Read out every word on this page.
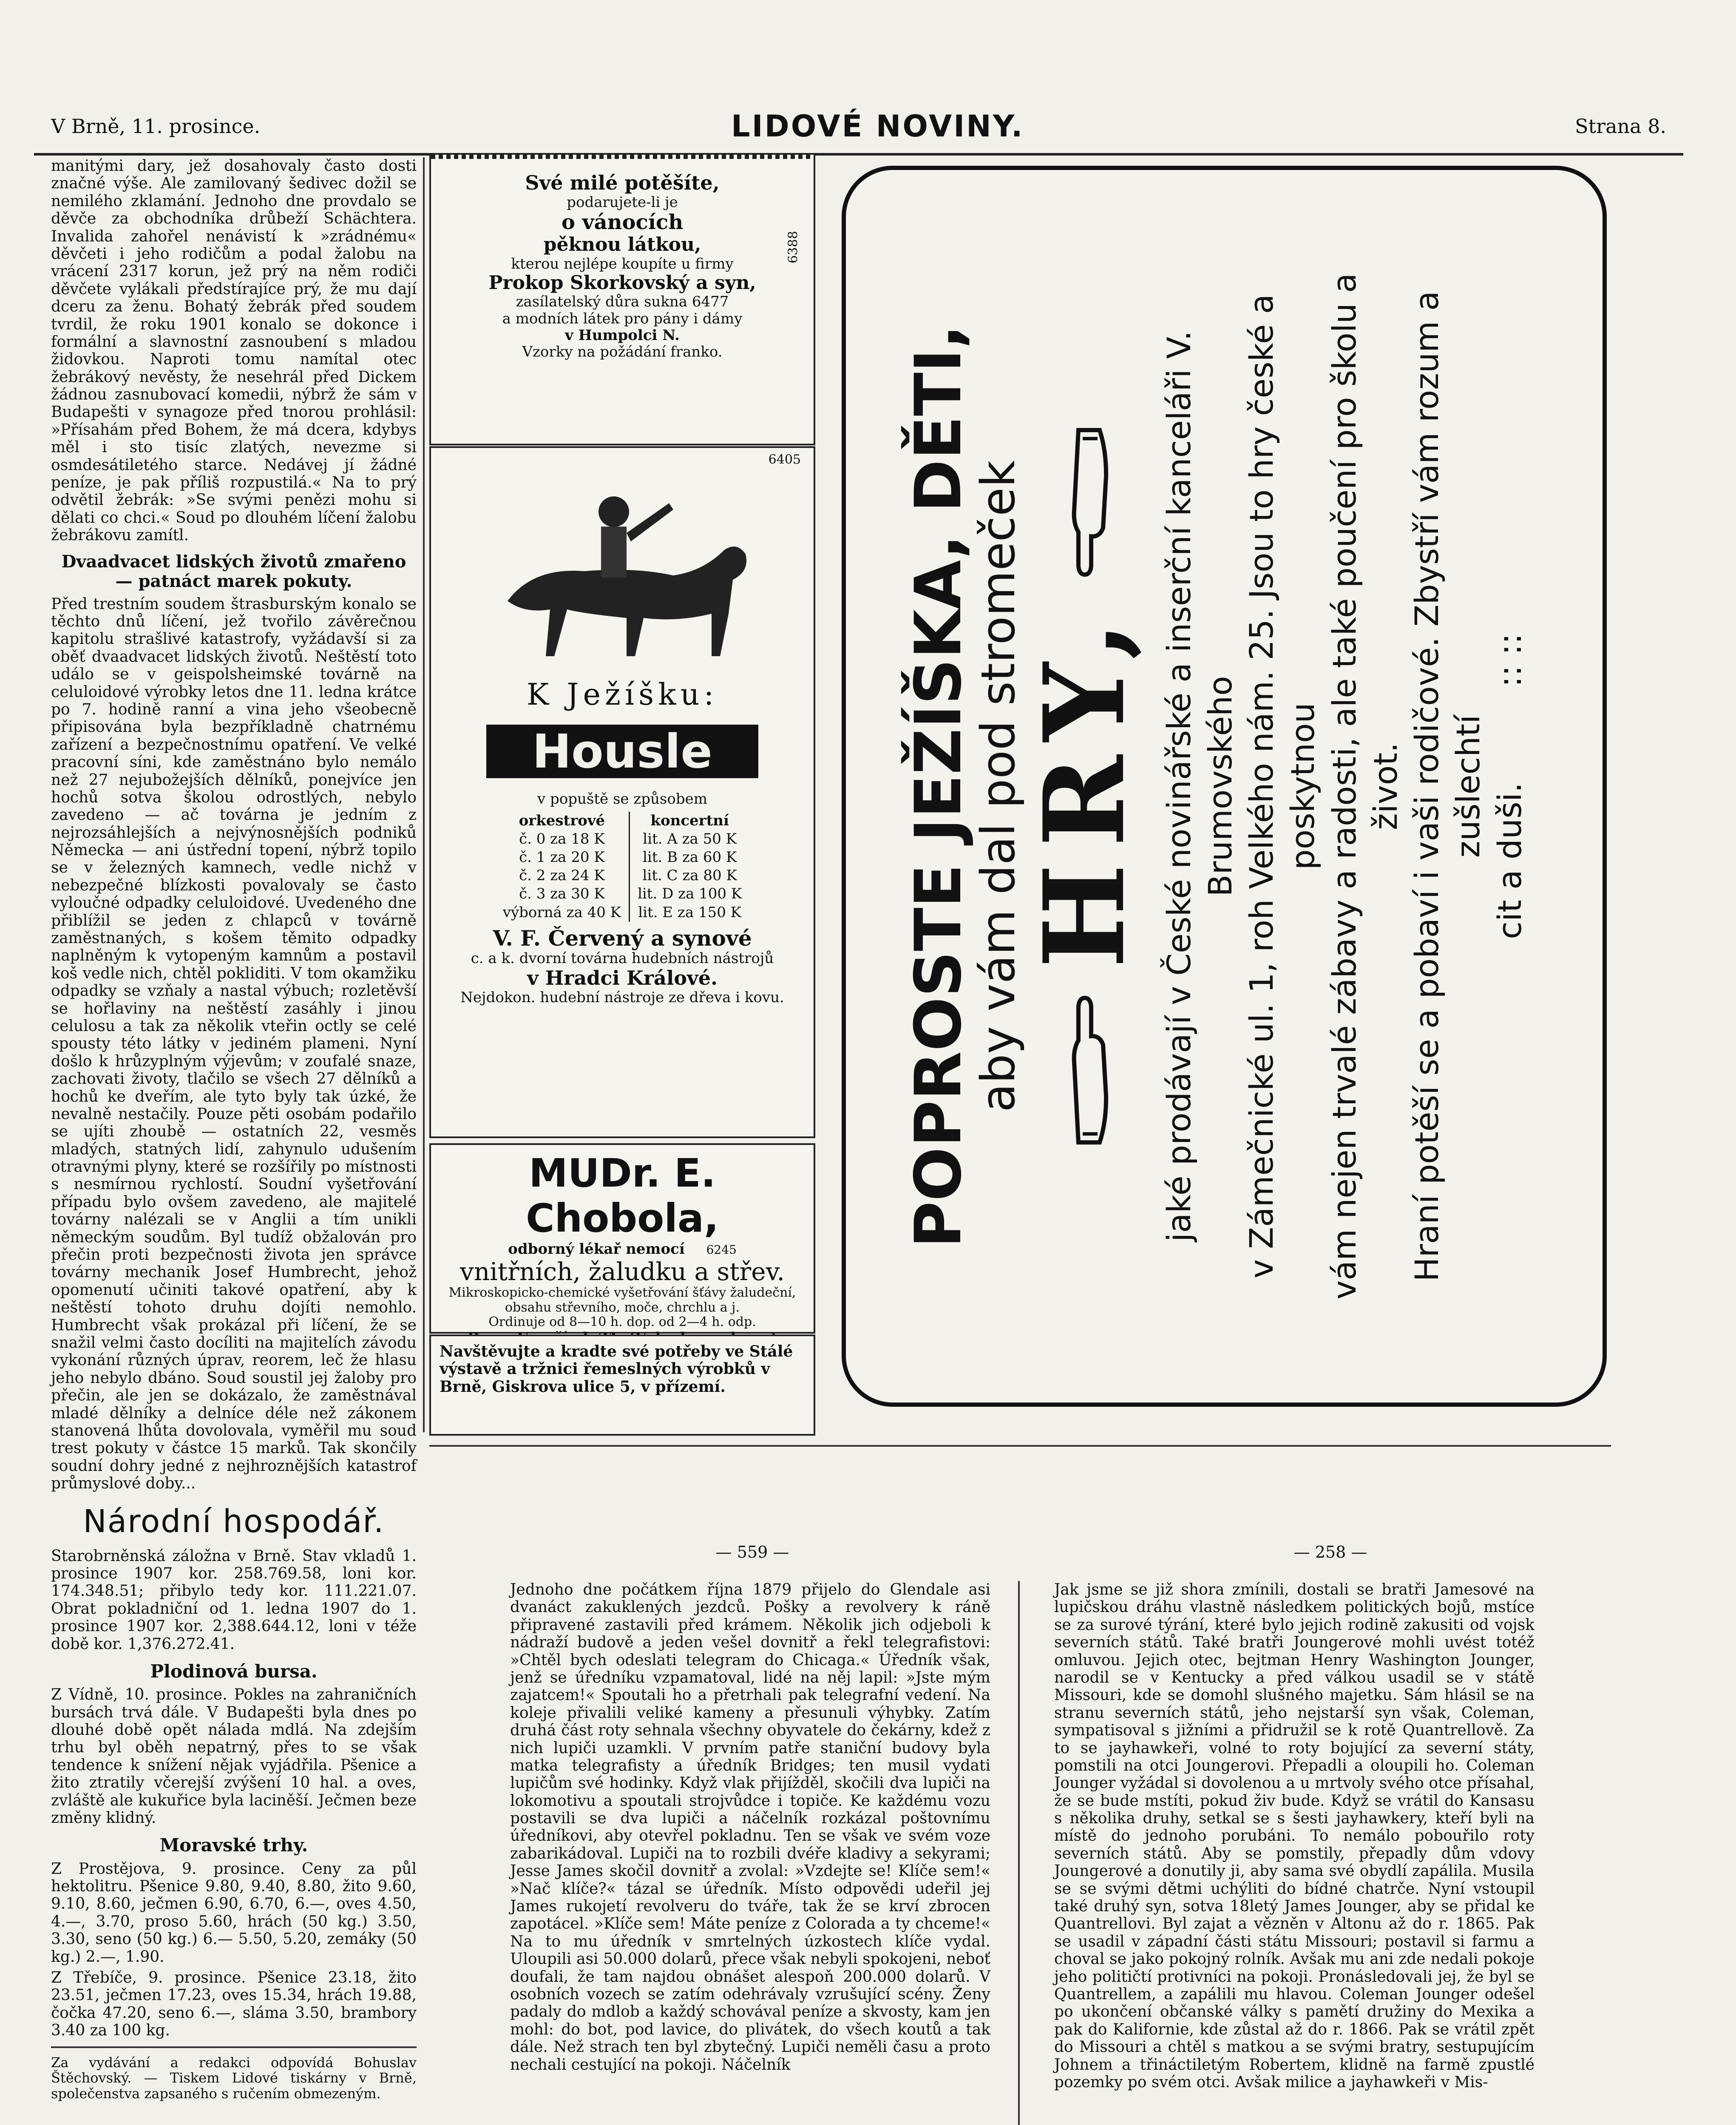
V Brně, 11. prosince.	LIDOVÉ NOVINY.	Strana 8.

manitými dary, jež dosahovaly často dosti značné výše. Ale zamilovaný šedivec dožil se nemilého zklamání. Jednoho dne provdalo se děvče za obchodníka drůbeží Schächtera. Invalida zahořel nenávistí k »zrádnému« děvčeti i jeho rodičům a podal žalobu na vrácení 2317 korun, jež prý na něm rodiči děvčete vylákali předstírajíce prý, že mu dají dceru za ženu. Bohatý žebrák před soudem tvrdil, že roku 1901 konalo se dokonce i formální a slavnostní zasnoubení s mladou židovkou. Naproti tomu namítal otec žebrákový nevěsty, že nesehrál před Dickem žádnou zasnubovací komedii, nýbrž že sám v Budapešti v synagoze před tnorou prohlásil: »Přísahám před Bohem, že má dcera, kdybys měl i sto tisíc zlatých, nevezme si osmdesátiletého starce. Nedávej jí žádné peníze, je pak příliš rozpustilá.« Na to prý odvětil žebrák: »Se svými penězi mohu si dělati co chci.« Soud po dlouhém líčení žalobu žebrákovu zamítl.

Dvaadvacet lidských životů zmařeno — patnáct marek pokuty.

Před trestním soudem štrasburským konalo se těchto dnů líčení, jež tvořilo závěrečnou kapitolu strašlivé katastrofy, vyžádavší si za oběť dvaadvacet lidských životů. Neštěstí toto událo se v geispolsheimské továrně na celuloidové výrobky letos dne 11. ledna krátce po 7. hodině ranní a vina jeho všeobecně připisována byla bezpříkladně chatrnému zařízení a bezpečnostnímu opatření. Ve velké pracovní síni, kde zaměstnáno bylo nemálo než 27 nejubožejších dělníků, ponejvíce jen hochů sotva školou odrostlých, nebylo zavedeno — ač továrna je jedním z nejrozsáhlejších a nejvýnosnějších podniků Německa — ani ústřední topení, nýbrž topilo se v železných kamnech, vedle nichž v nebezpečné blízkosti povalovaly se často vyloučné odpadky celuloidové. Uvedeného dne přiblížil se jeden z chlapců v továrně zaměstnaných, s košem těmito odpadky naplněným k vytopeným kamnům a postavil koš vedle nich, chtěl pokliditi. V tom okamžiku odpadky se vzňaly a nastal výbuch; rozletěvší se hořlaviny na neštěstí zasáhly i jinou celulosu a tak za několik vteřin octly se celé spousty této látky v jediném plameni. Nyní došlo k hrůzyplným výjevům; v zoufalé snaze, zachovati životy, tlačilo se všech 27 dělníků a hochů ke dveřím, ale tyto byly tak úzké, že nevalně nestačily. Pouze pěti osobám podařilo se ujíti zhoubě — ostatních 22, vesměs mladých, statných lidí, zahynulo udušením otravnými plyny, které se rozšířily po místnosti s nesmírnou rychlostí. Soudní vyšetřování případu bylo ovšem zavedeno, ale majitelé továrny nalézali se v Anglii a tím unikli německým soudům. Byl tudíž obžalován pro přečin proti bezpečnosti života jen správce továrny mechanik Josef Humbrecht, jehož opomenutí učiniti takové opatření, aby k neštěstí tohoto druhu dojíti nemohlo. Humbrecht však prokázal při líčení, že se snažil velmi často docíliti na majitelích závodu vykonání různých úprav, reorem, leč že hlasu jeho nebylo dbáno. Soud soustil jej žaloby pro přečin, ale jen se dokázalo, že zaměstnával mladé dělníky a delníce déle než zákonem stanovená lhůta dovolovala, vyměřil mu soud trest pokuty v částce 15 marků. Tak skončily soudní dohry jedné z nejhroznějších katastrof průmyslové doby...

Národní hospodář.

Starobrněnská záložna v Brně. Stav vkladů 1. prosince 1907 kor. 258.769.58, loni kor. 174.348.51; přibylo tedy kor. 111.221.07. Obrat pokladniční od 1. ledna 1907 do 1. prosince 1907 kor. 2,388.644.12, loni v téže době kor. 1,376.272.41.

Plodinová bursa.

Z Vídně, 10. prosince. Pokles na zahraničních bursách trvá dále. V Budapešti byla dnes po dlouhé době opět nálada mdlá. Na zdejším trhu byl oběh nepatrný, přes to se však tendence k snížení nějak vyjádřila. Pšenice a žito ztratily včerejší zvýšení 10 hal. a oves, zvláště ale kukuřice byla laciněší. Ječmen beze změny klidný.

Moravské trhy.

Z Prostějova, 9. prosince. Ceny za půl hektolitru. Pšenice 9.80, 9.40, 8.80, žito 9.60, 9.10, 8.60, ječmen 6.90, 6.70, 6.—, oves 4.50, 4.—, 3.70, proso 5.60, hrách (50 kg.) 3.50, 3.30, seno (50 kg.) 6.— 5.50, 5.20, zemáky (50 kg.) 2.—, 1.90.

Z Třebíče, 9. prosince. Pšenice 23.18, žito 23.51, ječmen 17.23, oves 15.34, hrách 19.88, čočka 47.20, seno 6.—, sláma 3.50, brambory 3.40 za 100 kg.

Za vydávání a redakci odpovídá Bohuslav Štěchovský. — Tiskem Lidové tiskárny v Brně, společenstva zapsaného s ručením obmezeným.

Své milé potěšíte,
podarujete-li je
o vánocích
pěknou látkou,
kterou nejlépe koupíte u firmy
Prokop Skorkovský a syn,
zasílatelský důra sukna 6477
a modních látek pro pány i dámy
v Humpolci N.
Vzorky na požádání franko.
6388
6405
K Ježíšku:
Housle
v popuště se způsobem
orkestrové	koncertní
č. 0 za 18 K	lit. A za 50 K
č. 1 za 20 K	lit. B za 60 K
č. 2 za 24 K	lit. C za 80 K
č. 3 za 30 K	lit. D za 100 K
výborná za 40 K	lit. E za 150 K
V. F. Červený a synové
c. a k. dvorní továrna hudebních nástrojů
v Hradci Králové.
Nejdokon. hudební nástroje ze dřeva i kovu.
MUDr. E. Chobola,
odborný lékař nemocí 6245
vnitřních, žaludku a střev.
Mikroskopicko-chemické vyšetřování šťávy žaludeční, obsahu střevního, moče, chrchlu a j.
Ordinuje od 8—10 h. dop. od 2—4 h. odp.
Navštěvujte a kradte své potřeby ve Stálé výstavě a tržnici řemeslných výrobků v Brně, Giskrova ulice 5, v přízemí.
POPROSTE JEŽÍŠKA, DĚTI,
aby vám dal pod stromeček
HRY, jaké prodávají v České novinářské a inserční kanceláři V. Brumovského v Zámečnické ul. 1, roh Velkého nám. 25. Jsou to hry české a poskytnou vám nejen trvalé zábavy a radosti, ale také poučení pro školu a život. Hraní potěší se a pobaví i vaši rodičové. Zbystří vám rozum a zušlechtí cit a duši. :: ::
— 559 —	— 258 —

Jednoho dne počátkem října 1879 přijelo do Glendale asi dvanáct zakuklených jezdců. Pošky a revolvery k ráně připravené zastavili před krámem. Několik jich odjeboli k nádraží budově a jeden vešel dovnitř a řekl telegrafistovi: »Chtěl bych odeslati telegram do Chicaga.« Úředník však, jenž se úředníku vzpamatoval, lidé na něj lapil: »Jste mým zajatcem!« Spoutali ho a přetrhali pak telegrafní vedení. Na koleje přivalili veliké kameny a přesunuli výhybky. Zatím druhá část roty sehnala všechny obyvatele do čekárny, kdež z nich lupiči uzamkli. V prvním patře staniční budovy byla matka telegrafisty a úředník Bridges; ten musil vydati lupičům své hodinky. Když vlak přijížděl, skočili dva lupiči na lokomotivu a spoutali strojvůdce i topiče. Ke každému vozu postavili se dva lupiči a náčelník rozkázal poštovnímu úředníkovi, aby otevřel pokladnu. Ten se však ve svém voze zabarikádoval. Lupiči na to rozbili dvéře kladivy a sekyrami; Jesse James skočil dovnitř a zvolal: »Vzdejte se! Klíče sem!« »Nač klíče?« tázal se úředník. Místo odpovědi udeřil jej James rukojetí revolveru do tváře, tak že se krví zbrocen zapotácel. »Klíče sem! Máte peníze z Colorada a ty chceme!« Na to mu úředník v smrtelných úzkostech klíče vydal. Uloupili asi 50.000 dolarů, přece však nebyli spokojeni, neboť doufali, že tam najdou obnášet alespoň 200.000 dolarů. V osobních vozech se zatím odehrávaly vzrušující scény. Ženy padaly do mdlob a každý schovával peníze a skvosty, kam jen mohl: do bot, pod lavice, do plivátek, do všech koutů a tak dále. Než strach ten byl zbytečný. Lupiči neměli času a proto nechali cestující na pokoji. Náčelník

Jak jsme se již shora zmínili, dostali se bratři Jamesové na lupičskou dráhu vlastně následkem politických bojů, mstíce se za surové týrání, které bylo jejich rodině zakusiti od vojsk severních států. Také bratři Joungerové mohli uvést totéž omluvou. Jejich otec, bejtman Henry Washington Jounger, narodil se v Kentucky a před válkou usadil se v státě Missouri, kde se domohl slušného majetku. Sám hlásil se na stranu severních států, jeho nejstarší syn však, Coleman, sympatisoval s jižními a přidružil se k rotě Quantrellově. Za to se jayhawkeři, volné to roty bojující za severní státy, pomstili na otci Joungerovi. Přepadli a oloupili ho. Coleman Jounger vyžádal si dovolenou a u mrtvoly svého otce přísahal, že se bude mstíti, pokud živ bude. Když se vrátil do Kansasu s několika druhy, setkal se s šesti jayhawkery, kteří byli na místě do jednoho porubáni. To nemálo pobouřilo roty severních států. Aby se pomstily, přepadly dům vdovy Joungerové a donutily ji, aby sama své obydlí zapálila. Musila se se svými dětmi uchýliti do bídné chatrče. Nyní vstoupil také druhý syn, sotva 18letý James Jounger, aby se přidal ke Quantrellovi. Byl zajat a vězněn v Altonu až do r. 1865. Pak se usadil v západní části státu Missouri; postavil si farmu a choval se jako pokojný rolník. Avšak mu ani zde nedali pokoje jeho političtí protivníci na pokoji. Pronásledovali jej, že byl se Quantrellem, a zapálili mu hlavou. Coleman Jounger odešel po ukončení občanské války s pamětí družiny do Mexika a pak do Kalifornie, kde zůstal až do r. 1866. Pak se vrátil zpět do Missouri a chtěl s matkou a se svými bratry, sestupujícím Johnem a třináctiletým Robertem, klidně na farmě zpustlé pozemky po svém otci. Avšak milice a jayhawkeři v Mis-
